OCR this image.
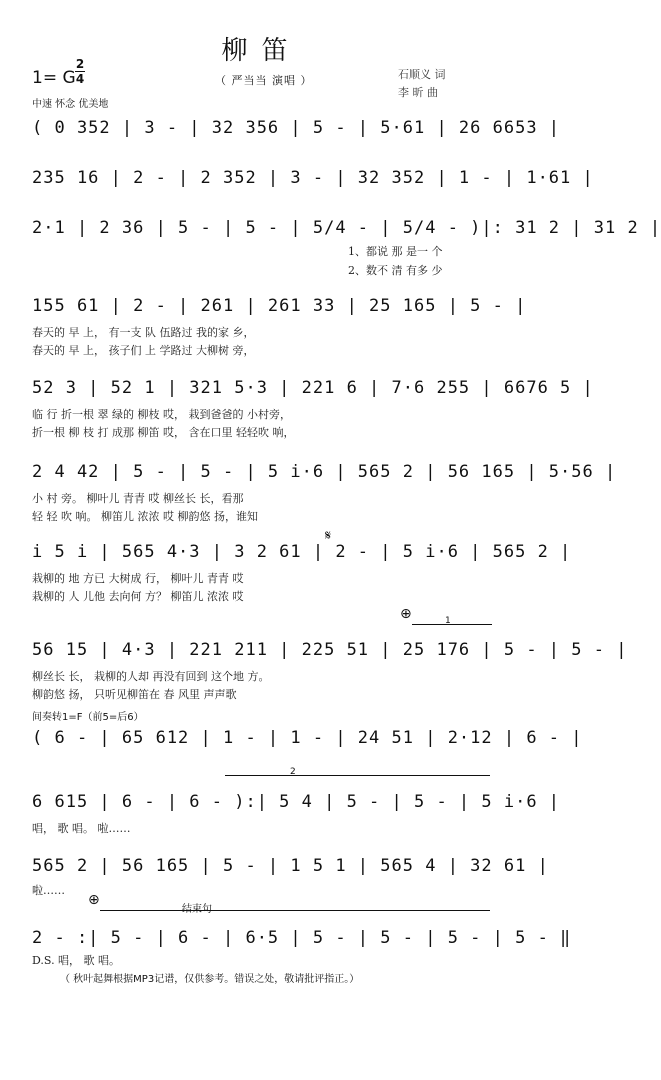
柳笛
1= G
2
4	（ 严当当 演唱 ）	石顺义 词
李 昕 曲
中速 怀念 优美地
( 0 352 | 3 - | 32 356 | 5 - | 5·61 | 26 6653 |
235 16 | 2 - | 2 352 | 3 - | 32 352 | 1 - | 1·61 |
2·1 | 2 36 | 5 - | 5 - | 5/4 - | 5/4 - )|: 31 2 | 31 2 |
1、都说 那 是一 个
2、数不 清 有多 少
155 61 | 2 - | 261 | 261 33 | 25 165 | 5 - |
春天的 早 上， 有一支 队 伍路过 我的家 乡，
春天的 早 上， 孩子们 上 学路过 大柳树 旁，
52 3 | 52 1 | 321 5·3 | 221 6 | 7·6 255 | 6676 5 |
临 行 折一根 翠 绿的 柳枝 哎， 栽到爸爸的 小村旁，
折一根 柳 枝 打 成那 柳笛 哎， 含在口里 轻轻吹 响，
2 4 42 | 5 - | 5 - | 5 i·6 | 565 2 | 56 165 | 5·56 |
小 村 旁。 柳叶儿 青青 哎 柳丝长 长，看那
轻 轻 吹 响。 柳笛儿 浓浓 哎 柳韵悠 扬，谁知
i 5 i | 565 4·3 | 3 2 61 | 2 - | 5 i·6 | 565 2 |
𝄋
栽柳的 地 方已 大树成 行， 柳叶儿 青青 哎
栽柳的 人 儿他 去向何 方？ 柳笛儿 浓浓 哎
⊕	1
56 15 | 4·3 | 221 211 | 225 51 | 25 176 | 5 - | 5 - |
柳丝长 长， 栽柳的人却 再没有回到 这个地 方。
柳韵悠 扬， 只听见柳笛在 春 风里 声声歌
间奏转1=F（前5=后6）
( 6 - | 65 612 | 1 - | 1 - | 24 51 | 2·12 | 6 - |
2
6 615 | 6 - | 6 - ):| 5 4 | 5 - | 5 - | 5 i·6 |
唱， 歌 唱。 啦……
565 2 | 56 165 | 5 - | 1 5 1 | 565 4 | 32 61 |
啦……
⊕
结束句
2 - :| 5 - | 6 - | 6·5 | 5 - | 5 - | 5 - | 5 - ‖
D.S. 唱， 歌 唱。
（ 秋叶起舞根据MP3记谱，仅供参考。错误之处，敬请批评指正。）
